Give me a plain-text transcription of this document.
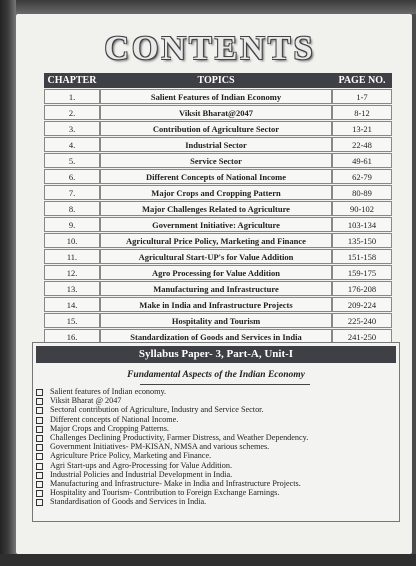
CONTENTS
CHAPTER	TOPICS	PAGE NO.
1.	Salient Features of Indian Economy	1-7
2.	Viksit Bharat@2047	8-12
3.	Contribution of Agriculture Sector	13-21
4.	Industrial Sector	22-48
5.	Service Sector	49-61
6.	Different Concepts of National Income	62-79
7.	Major Crops and Cropping Pattern	80-89
8.	Major Challenges Related to Agriculture	90-102
9.	Government Initiative: Agriculture	103-134
10.	Agricultural Price Policy, Marketing and Finance	135-150
11.	Agricultural Start-UP's for Value Addition	151-158
12.	Agro Processing for Value Addition	159-175
13.	Manufacturing and Infrastructure	176-208
14.	Make in India and Infrastructure Projects	209-224
15.	Hospitality and Tourism	225-240
16.	Standardization of Goods and Services in India	241-250
Syllabus Paper- 3, Part-A, Unit-I
Fundamental Aspects of the Indian Economy
Salient features of Indian economy.
Viksit Bharat @ 2047
Sectoral contribution of Agriculture, Industry and Service Sector.
Different concepts of National Income.
Major Crops and Cropping Patterns.
Challenges Declining Productivity, Farmer Distress, and Weather Dependency.
Government Initiatives- PM-KISAN, NMSA and various schemes.
Agriculture Price Policy, Marketing and Finance.
Agri Start-ups and Agro-Processing for Value Addition.
Industrial Policies and Industrial Development in India.
Manufacturing and Infrastructure- Make in India and Infrastructure Projects.
Hospitality and Tourism- Contribution to Foreign Exchange Earnings.
Standardisation of Goods and Services in India.
